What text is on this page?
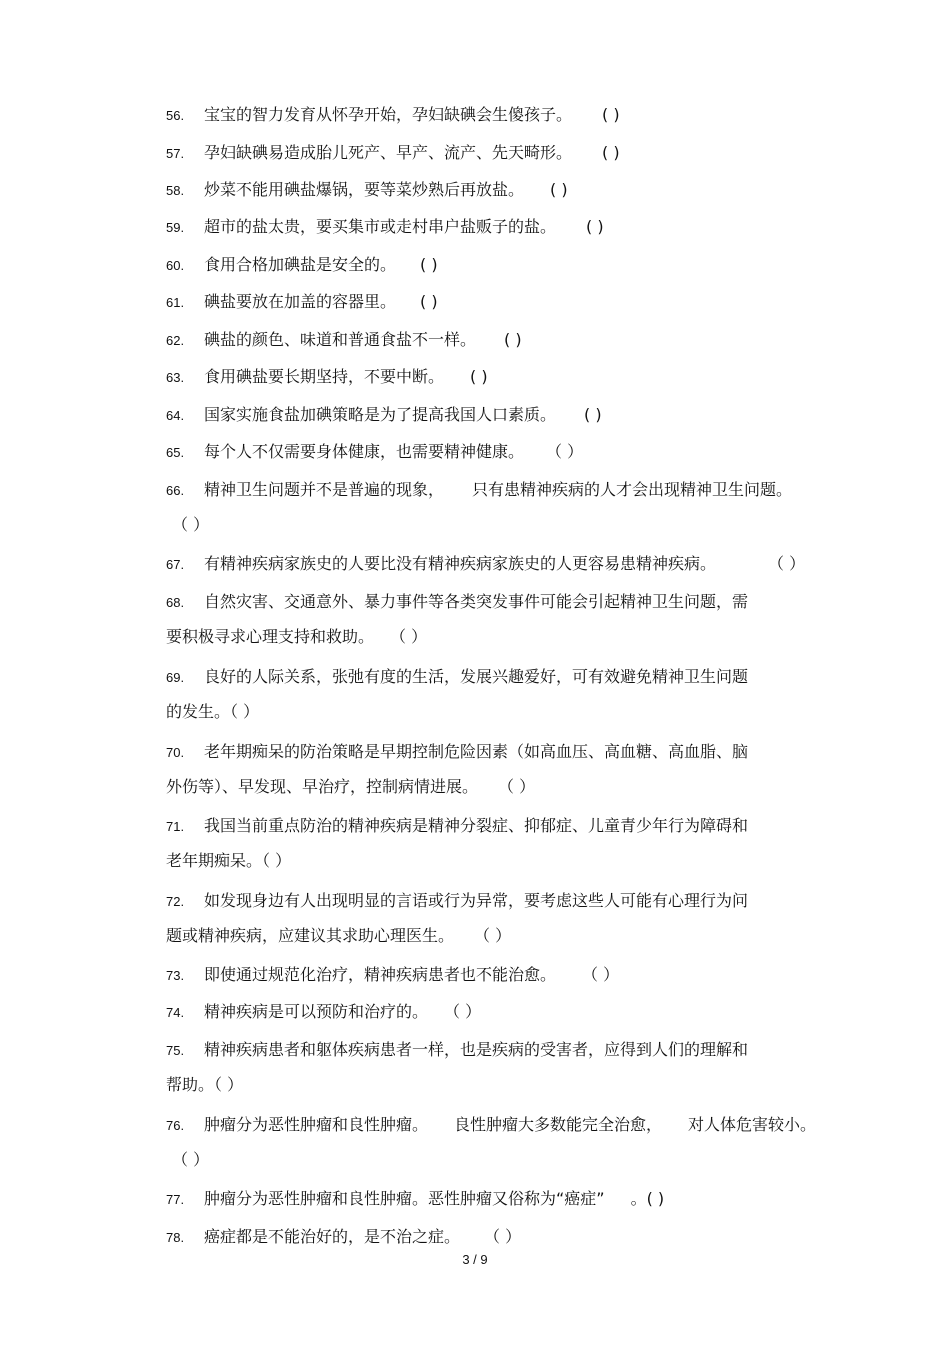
56. 宝宝的智力发育从怀孕开始，孕妇缺碘会生傻孩子。 ( )
57. 孕妇缺碘易造成胎儿死产、早产、流产、先天畸形。 ( )
58. 炒菜不能用碘盐爆锅，要等菜炒熟后再放盐。 ( )
59. 超市的盐太贵，要买集市或走村串户盐贩子的盐。 ( )
60. 食用合格加碘盐是安全的。 ( )
61. 碘盐要放在加盖的容器里。 ( )
62. 碘盐的颜色、味道和普通食盐不一样。 ( )
63. 食用碘盐要长期坚持，不要中断。 ( )
64. 国家实施食盐加碘策略是为了提高我国人口素质。 ( )
65. 每个人不仅需要身体健康，也需要精神健康。 （ ）
66. 精神卫生问题并不是普遍的现象， 只有患精神疾病的人才会出现精神卫生问题。
（ ）
67. 有精神疾病家族史的人要比没有精神疾病家族史的人更容易患精神疾病。	（ ）
68. 自然灾害、交通意外、暴力事件等各类突发事件可能会引起精神卫生问题，需
要积极寻求心理支持和救助。 （ ）
69. 良好的人际关系，张弛有度的生活，发展兴趣爱好，可有效避免精神卫生问题
的发生。（ ）
70. 老年期痴呆的防治策略是早期控制危险因素（如高血压、高血糖、高血脂、脑
外伤等）、早发现、早治疗，控制病情进展。 （ ）
71. 我国当前重点防治的精神疾病是精神分裂症、抑郁症、儿童青少年行为障碍和
老年期痴呆。（ ）
72. 如发现身边有人出现明显的言语或行为异常，要考虑这些人可能有心理行为问
题或精神疾病，应建议其求助心理医生。 （ ）
73. 即使通过规范化治疗，精神疾病患者也不能治愈。 （ ）
74. 精神疾病是可以预防和治疗的。 （ ）
75. 精神疾病患者和躯体疾病患者一样，也是疾病的受害者，应得到人们的理解和
帮助。（ ）
76. 肿瘤分为恶性肿瘤和良性肿瘤。 良性肿瘤大多数能完全治愈， 对人体危害较小。
（ ）
77. 肿瘤分为恶性肿瘤和良性肿瘤。恶性肿瘤又俗称为“癌症” 。( )
78. 癌症都是不能治好的，是不治之症。 （ ）
3 / 9
